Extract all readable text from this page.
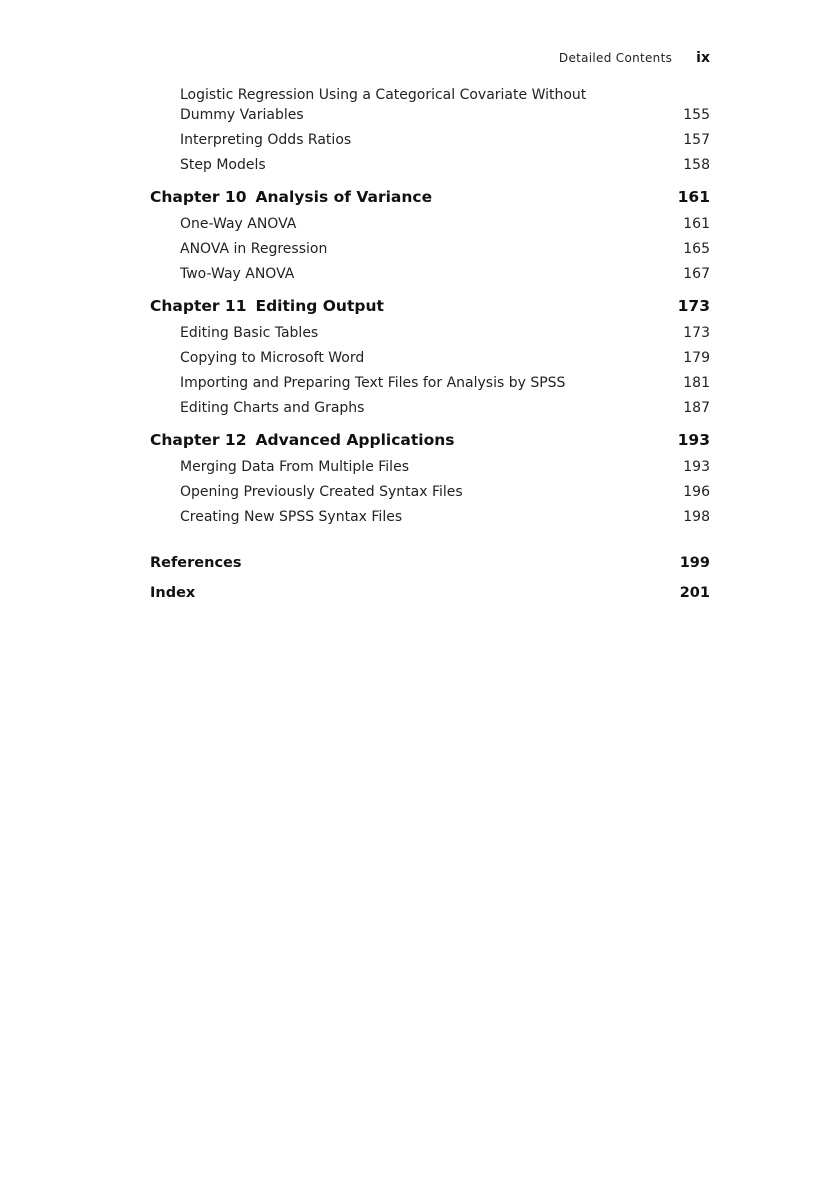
Detailed Contents ix
Logistic Regression Using a Categorical Covariate Without Dummy Variables	155
Interpreting Odds Ratios	157
Step Models	158
Chapter 10 Analysis of Variance	161
One-Way ANOVA	161
ANOVA in Regression	165
Two-Way ANOVA	167
Chapter 11 Editing Output	173
Editing Basic Tables	173
Copying to Microsoft Word	179
Importing and Preparing Text Files for Analysis by SPSS	181
Editing Charts and Graphs	187
Chapter 12 Advanced Applications	193
Merging Data From Multiple Files	193
Opening Previously Created Syntax Files	196
Creating New SPSS Syntax Files	198
References	199
Index	201
